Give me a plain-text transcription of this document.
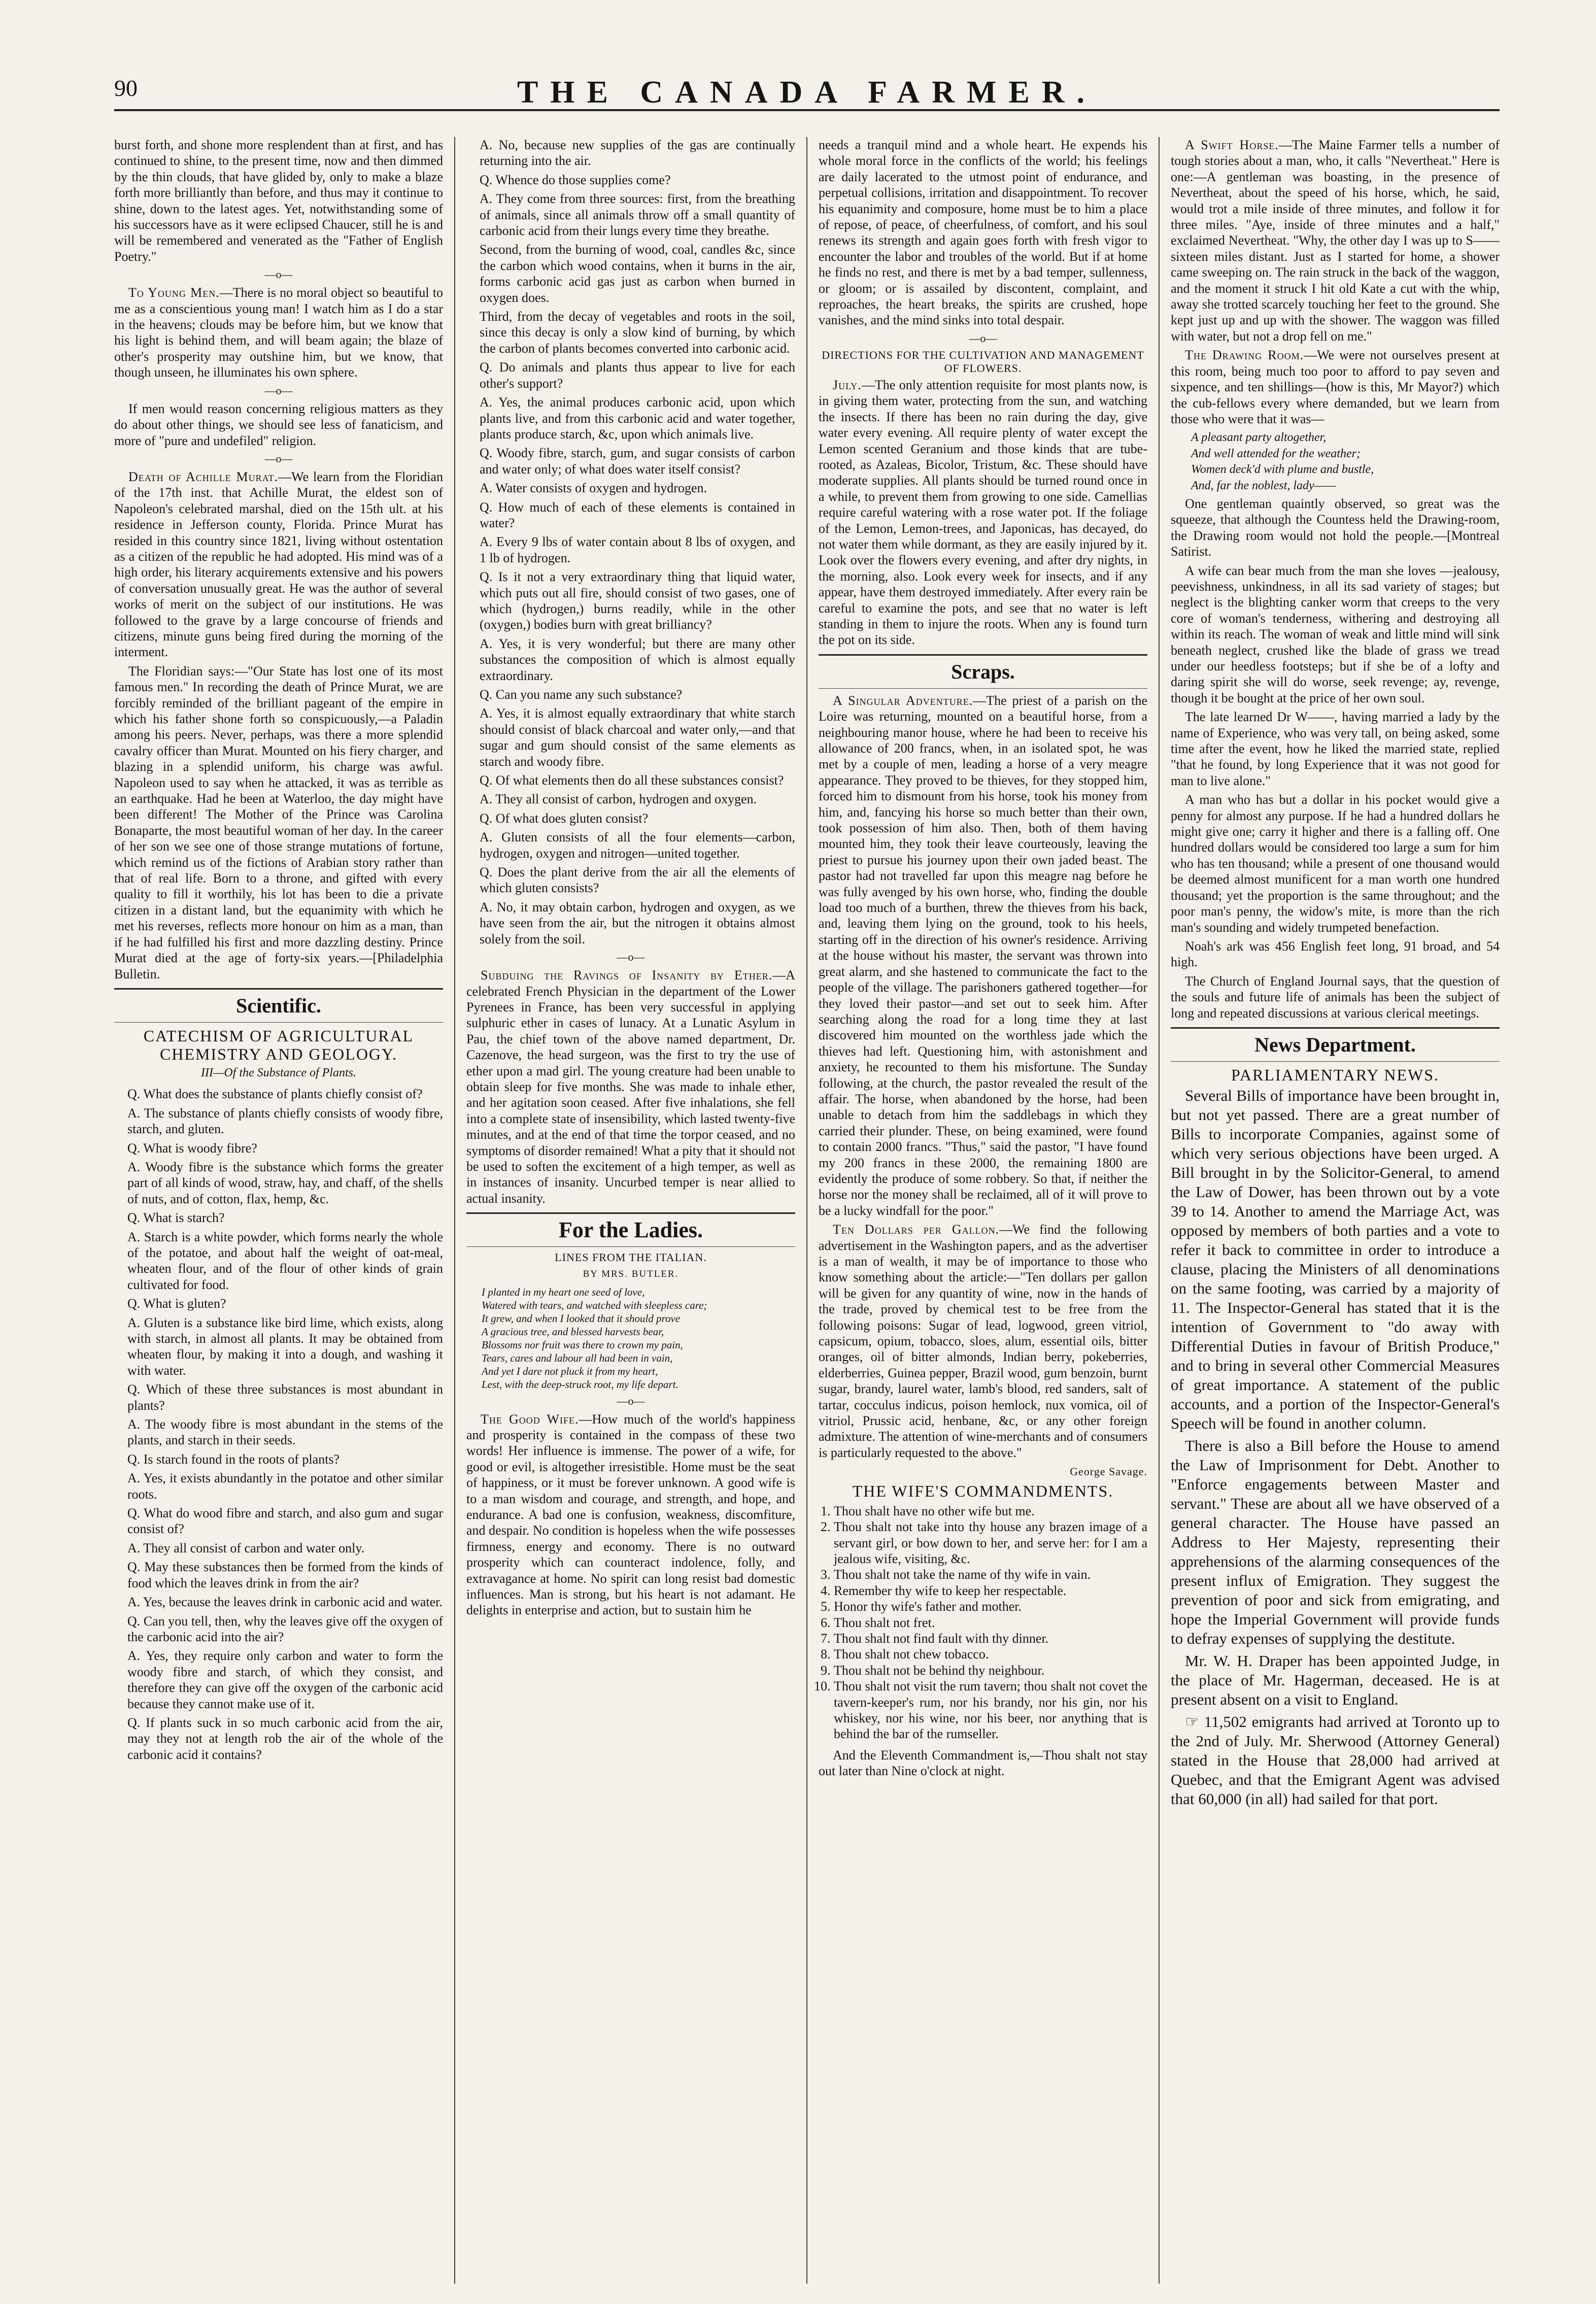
90	THE CANADA FARMER.

burst forth, and shone more resplendent than at first, and has continued to shine, to the present time, now and then dimmed by the thin clouds, that have glided by, only to make a blaze forth more brilliantly than before, and thus may it continue to shine, down to the latest ages. Yet, notwithstanding some of his successors have as it were eclipsed Chaucer, still he is and will be remembered and venerated as the "Father of English Poetry."

—o—

To Young Men.—There is no moral object so beautiful to me as a conscientious young man! I watch him as I do a star in the heavens; clouds may be before him, but we know that his light is behind them, and will beam again; the blaze of other's prosperity may outshine him, but we know, that though unseen, he illuminates his own sphere.

—o—

If men would reason concerning religious matters as they do about other things, we should see less of fanaticism, and more of "pure and undefiled" religion.

—o—

Death of Achille Murat.—We learn from the Floridian of the 17th inst. that Achille Murat, the eldest son of Napoleon's celebrated marshal, died on the 15th ult. at his residence in Jefferson county, Florida. Prince Murat has resided in this country since 1821, living without ostentation as a citizen of the republic he had adopted. His mind was of a high order, his literary acquirements extensive and his powers of conversation unusually great. He was the author of several works of merit on the subject of our institutions. He was followed to the grave by a large concourse of friends and citizens, minute guns being fired during the morning of the interment.

The Floridian says:—"Our State has lost one of its most famous men." In recording the death of Prince Murat, we are forcibly reminded of the brilliant pageant of the empire in which his father shone forth so conspicuously,—a Paladin among his peers. Never, perhaps, was there a more splendid cavalry officer than Murat. Mounted on his fiery charger, and blazing in a splendid uniform, his charge was awful. Napoleon used to say when he attacked, it was as terrible as an earthquake. Had he been at Waterloo, the day might have been different! The Mother of the Prince was Carolina Bonaparte, the most beautiful woman of her day. In the career of her son we see one of those strange mutations of fortune, which remind us of the fictions of Arabian story rather than that of real life. Born to a throne, and gifted with every quality to fill it worthily, his lot has been to die a private citizen in a distant land, but the equanimity with which he met his reverses, reflects more honour on him as a man, than if he had fulfilled his first and more dazzling destiny. Prince Murat died at the age of forty-six years.—[Philadelphia Bulletin.

Scientific.
CATECHISM OF AGRICULTURAL CHEMISTRY AND GEOLOGY.
III—Of the Substance of Plants.

Q. What does the substance of plants chiefly consist of?

A. The substance of plants chiefly consists of woody fibre, starch, and gluten.

Q. What is woody fibre?

A. Woody fibre is the substance which forms the greater part of all kinds of wood, straw, hay, and chaff, of the shells of nuts, and of cotton, flax, hemp, &c.

Q. What is starch?

A. Starch is a white powder, which forms nearly the whole of the potatoe, and about half the weight of oat-meal, wheaten flour, and of the flour of other kinds of grain cultivated for food.

Q. What is gluten?

A. Gluten is a substance like bird lime, which exists, along with starch, in almost all plants. It may be obtained from wheaten flour, by making it into a dough, and washing it with water.

Q. Which of these three substances is most abundant in plants?

A. The woody fibre is most abundant in the stems of the plants, and starch in their seeds.

Q. Is starch found in the roots of plants?

A. Yes, it exists abundantly in the potatoe and other similar roots.

Q. What do wood fibre and starch, and also gum and sugar consist of?

A. They all consist of carbon and water only.

Q. May these substances then be formed from the kinds of food which the leaves drink in from the air?

A. Yes, because the leaves drink in carbonic acid and water.

Q. Can you tell, then, why the leaves give off the oxygen of the carbonic acid into the air?

A. Yes, they require only carbon and water to form the woody fibre and starch, of which they consist, and therefore they can give off the oxygen of the carbonic acid because they cannot make use of it.

Q. If plants suck in so much carbonic acid from the air, may they not at length rob the air of the whole of the carbonic acid it contains?

A. No, because new supplies of the gas are continually returning into the air.

Q. Whence do those supplies come?

A. They come from three sources: first, from the breathing of animals, since all animals throw off a small quantity of carbonic acid from their lungs every time they breathe.

Second, from the burning of wood, coal, candles &c, since the carbon which wood contains, when it burns in the air, forms carbonic acid gas just as carbon when burned in oxygen does.

Third, from the decay of vegetables and roots in the soil, since this decay is only a slow kind of burning, by which the carbon of plants becomes converted into carbonic acid.

Q. Do animals and plants thus appear to live for each other's support?

A. Yes, the animal produces carbonic acid, upon which plants live, and from this carbonic acid and water together, plants produce starch, &c, upon which animals live.

Q. Woody fibre, starch, gum, and sugar consists of carbon and water only; of what does water itself consist?

A. Water consists of oxygen and hydrogen.

Q. How much of each of these elements is contained in water?

A. Every 9 lbs of water contain about 8 lbs of oxygen, and 1 lb of hydrogen.

Q. Is it not a very extraordinary thing that liquid water, which puts out all fire, should consist of two gases, one of which (hydrogen,) burns readily, while in the other (oxygen,) bodies burn with great brilliancy?

A. Yes, it is very wonderful; but there are many other substances the composition of which is almost equally extraordinary.

Q. Can you name any such substance?

A. Yes, it is almost equally extraordinary that white starch should consist of black charcoal and water only,—and that sugar and gum should consist of the same elements as starch and woody fibre.

Q. Of what elements then do all these substances consist?

A. They all consist of carbon, hydrogen and oxygen.

Q. Of what does gluten consist?

A. Gluten consists of all the four elements—carbon, hydrogen, oxygen and nitrogen—united together.

Q. Does the plant derive from the air all the elements of which gluten consists?

A. No, it may obtain carbon, hydrogen and oxygen, as we have seen from the air, but the nitrogen it obtains almost solely from the soil.

—o—

Subduing the Ravings of Insanity by Ether.—A celebrated French Physician in the department of the Lower Pyrenees in France, has been very successful in applying sulphuric ether in cases of lunacy. At a Lunatic Asylum in Pau, the chief town of the above named department, Dr. Cazenove, the head surgeon, was the first to try the use of ether upon a mad girl. The young creature had been unable to obtain sleep for five months. She was made to inhale ether, and her agitation soon ceased. After five inhalations, she fell into a complete state of insensibility, which lasted twenty-five minutes, and at the end of that time the torpor ceased, and no symptoms of disorder remained! What a pity that it should not be used to soften the excitement of a high temper, as well as in instances of insanity. Uncurbed temper is near allied to actual insanity.

For the Ladies.
LINES FROM THE ITALIAN.
BY MRS. BUTLER.
I planted in my heart one seed of love,
Watered with tears, and watched with sleepless care;
It grew, and when I looked that it should prove
A gracious tree, and blessed harvests bear,
Blossoms nor fruit was there to crown my pain,
Tears, cares and labour all had been in vain,
And yet I dare not pluck it from my heart,
Lest, with the deep-struck root, my life depart.
—o—

The Good Wife.—How much of the world's happiness and prosperity is contained in the compass of these two words! Her influence is immense. The power of a wife, for good or evil, is altogether irresistible. Home must be the seat of happiness, or it must be forever unknown. A good wife is to a man wisdom and courage, and strength, and hope, and endurance. A bad one is confusion, weakness, discomfiture, and despair. No condition is hopeless when the wife possesses firmness, energy and economy. There is no outward prosperity which can counteract indolence, folly, and extravagance at home. No spirit can long resist bad domestic influences. Man is strong, but his heart is not adamant. He delights in enterprise and action, but to sustain him he

needs a tranquil mind and a whole heart. He expends his whole moral force in the conflicts of the world; his feelings are daily lacerated to the utmost point of endurance, and perpetual collisions, irritation and disappointment. To recover his equanimity and composure, home must be to him a place of repose, of peace, of cheerfulness, of comfort, and his soul renews its strength and again goes forth with fresh vigor to encounter the labor and troubles of the world. But if at home he finds no rest, and there is met by a bad temper, sullenness, or gloom; or is assailed by discontent, complaint, and reproaches, the heart breaks, the spirits are crushed, hope vanishes, and the mind sinks into total despair.

—o—
DIRECTIONS FOR THE CULTIVATION AND MANAGEMENT OF FLOWERS.

July.—The only attention requisite for most plants now, is in giving them water, protecting from the sun, and watching the insects. If there has been no rain during the day, give water every evening. All require plenty of water except the Lemon scented Geranium and those kinds that are tube-rooted, as Azaleas, Bicolor, Tristum, &c. These should have moderate supplies. All plants should be turned round once in a while, to prevent them from growing to one side. Camellias require careful watering with a rose water pot. If the foliage of the Lemon, Lemon-trees, and Japonicas, has decayed, do not water them while dormant, as they are easily injured by it. Look over the flowers every evening, and after dry nights, in the morning, also. Look every week for insects, and if any appear, have them destroyed immediately. After every rain be careful to examine the pots, and see that no water is left standing in them to injure the roots. When any is found turn the pot on its side.

Scraps.

A Singular Adventure.—The priest of a parish on the Loire was returning, mounted on a beautiful horse, from a neighbouring manor house, where he had been to receive his allowance of 200 francs, when, in an isolated spot, he was met by a couple of men, leading a horse of a very meagre appearance. They proved to be thieves, for they stopped him, forced him to dismount from his horse, took his money from him, and, fancying his horse so much better than their own, took possession of him also. Then, both of them having mounted him, they took their leave courteously, leaving the priest to pursue his journey upon their own jaded beast. The pastor had not travelled far upon this meagre nag before he was fully avenged by his own horse, who, finding the double load too much of a burthen, threw the thieves from his back, and, leaving them lying on the ground, took to his heels, starting off in the direction of his owner's residence. Arriving at the house without his master, the servant was thrown into great alarm, and she hastened to communicate the fact to the people of the village. The parishoners gathered together—for they loved their pastor—and set out to seek him. After searching along the road for a long time they at last discovered him mounted on the worthless jade which the thieves had left. Questioning him, with astonishment and anxiety, he recounted to them his misfortune. The Sunday following, at the church, the pastor revealed the result of the affair. The horse, when abandoned by the horse, had been unable to detach from him the saddlebags in which they carried their plunder. These, on being examined, were found to contain 2000 francs. "Thus," said the pastor, "I have found my 200 francs in these 2000, the remaining 1800 are evidently the produce of some robbery. So that, if neither the horse nor the money shall be reclaimed, all of it will prove to be a lucky windfall for the poor."

Ten Dollars per Gallon.—We find the following advertisement in the Washington papers, and as the advertiser is a man of wealth, it may be of importance to those who know something about the article:—"Ten dollars per gallon will be given for any quantity of wine, now in the hands of the trade, proved by chemical test to be free from the following poisons: Sugar of lead, logwood, green vitriol, capsicum, opium, tobacco, sloes, alum, essential oils, bitter oranges, oil of bitter almonds, Indian berry, pokeberries, elderberries, Guinea pepper, Brazil wood, gum benzoin, burnt sugar, brandy, laurel water, lamb's blood, red sanders, salt of tartar, cocculus indicus, poison hemlock, nux vomica, oil of vitriol, Prussic acid, henbane, &c, or any other foreign admixture. The attention of wine-merchants and of consumers is particularly requested to the above."

George Savage.
THE WIFE'S COMMANDMENTS.
1. Thou shalt have no other wife but me.
2. Thou shalt not take into thy house any brazen image of a servant girl, or bow down to her, and serve her: for I am a jealous wife, visiting, &c.
3. Thou shalt not take the name of thy wife in vain.
4. Remember thy wife to keep her respectable.
5. Honor thy wife's father and mother.
6. Thou shalt not fret.
7. Thou shalt not find fault with thy dinner.
8. Thou shalt not chew tobacco.
9. Thou shalt not be behind thy neighbour.
10. Thou shalt not visit the rum tavern; thou shalt not covet the tavern-keeper's rum, nor his brandy, nor his gin, nor his whiskey, nor his wine, nor his beer, nor anything that is behind the bar of the rumseller.

And the Eleventh Commandment is,—Thou shalt not stay out later than Nine o'clock at night.

A Swift Horse.—The Maine Farmer tells a number of tough stories about a man, who, it calls "Nevertheat." Here is one:—A gentleman was boasting, in the presence of Nevertheat, about the speed of his horse, which, he said, would trot a mile inside of three minutes, and follow it for three miles. "Aye, inside of three minutes and a half," exclaimed Nevertheat. "Why, the other day I was up to S—— sixteen miles distant. Just as I started for home, a shower came sweeping on. The rain struck in the back of the waggon, and the moment it struck I hit old Kate a cut with the whip, away she trotted scarcely touching her feet to the ground. She kept just up and up with the shower. The waggon was filled with water, but not a drop fell on me."

The Drawing Room.—We were not ourselves present at this room, being much too poor to afford to pay seven and sixpence, and ten shillings—(how is this, Mr Mayor?) which the cub-fellows every where demanded, but we learn from those who were that it was—

A pleasant party altogether,
And well attended for the weather;
Women deck'd with plume and bustle,
And, far the noblest, lady——

One gentleman quaintly observed, so great was the squeeze, that although the Countess held the Drawing-room, the Drawing room would not hold the people.—[Montreal Satirist.

A wife can bear much from the man she loves —jealousy, peevishness, unkindness, in all its sad variety of stages; but neglect is the blighting canker worm that creeps to the very core of woman's tenderness, withering and destroying all within its reach. The woman of weak and little mind will sink beneath neglect, crushed like the blade of grass we tread under our heedless footsteps; but if she be of a lofty and daring spirit she will do worse, seek revenge; ay, revenge, though it be bought at the price of her own soul.

The late learned Dr W——, having married a lady by the name of Experience, who was very tall, on being asked, some time after the event, how he liked the married state, replied "that he found, by long Experience that it was not good for man to live alone."

A man who has but a dollar in his pocket would give a penny for almost any purpose. If he had a hundred dollars he might give one; carry it higher and there is a falling off. One hundred dollars would be considered too large a sum for him who has ten thousand; while a present of one thousand would be deemed almost munificent for a man worth one hundred thousand; yet the proportion is the same throughout; and the poor man's penny, the widow's mite, is more than the rich man's sounding and widely trumpeted benefaction.

Noah's ark was 456 English feet long, 91 broad, and 54 high.

The Church of England Journal says, that the question of the souls and future life of animals has been the subject of long and repeated discussions at various clerical meetings.

News Department.
PARLIAMENTARY NEWS.

Several Bills of importance have been brought in, but not yet passed. There are a great number of Bills to incorporate Companies, against some of which very serious objections have been urged. A Bill brought in by the Solicitor-General, to amend the Law of Dower, has been thrown out by a vote 39 to 14. Another to amend the Marriage Act, was opposed by members of both parties and a vote to refer it back to committee in order to introduce a clause, placing the Ministers of all denominations on the same footing, was carried by a majority of 11. The Inspector-General has stated that it is the intention of Government to "do away with Differential Duties in favour of British Produce," and to bring in several other Commercial Measures of great importance. A statement of the public accounts, and a portion of the Inspector-General's Speech will be found in another column.

There is also a Bill before the House to amend the Law of Imprisonment for Debt. Another to "Enforce engagements between Master and servant." These are about all we have observed of a general character. The House have passed an Address to Her Majesty, representing their apprehensions of the alarming consequences of the present influx of Emigration. They suggest the prevention of poor and sick from emigrating, and hope the Imperial Government will provide funds to defray expenses of supplying the destitute.

Mr. W. H. Draper has been appointed Judge, in the place of Mr. Hagerman, deceased. He is at present absent on a visit to England.

☞ 11,502 emigrants had arrived at Toronto up to the 2nd of July. Mr. Sherwood (Attorney General) stated in the House that 28,000 had arrived at Quebec, and that the Emigrant Agent was advised that 60,000 (in all) had sailed for that port.
